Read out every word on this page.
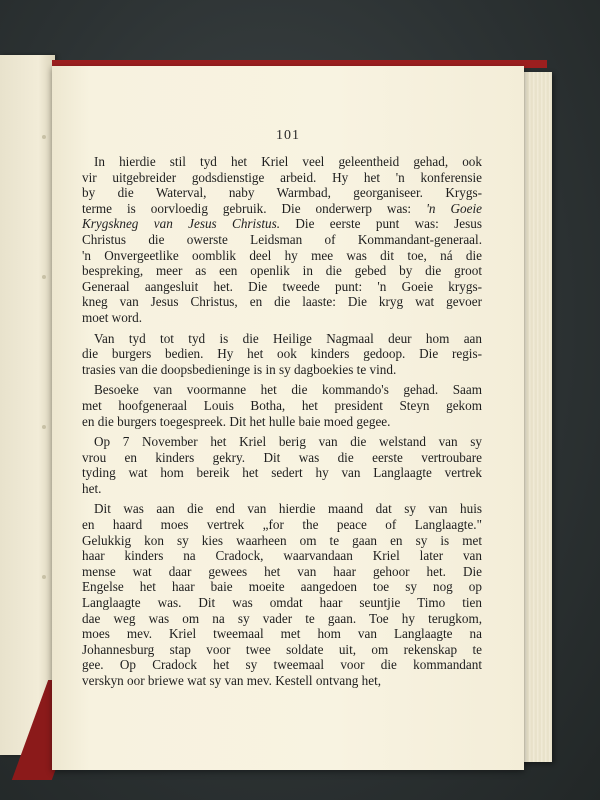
101
In hierdie stil tyd het Kriel veel geleentheid gehad, ook
vir uitgebreider godsdienstige arbeid. Hy het 'n konferensie
by die Waterval, naby Warmbad, georganiseer. Krygs-
terme is oorvloedig gebruik. Die onderwerp was: 'n Goeie
Krygskneg van Jesus Christus. Die eerste punt was: Jesus
Christus die owerste Leidsman of Kommandant-generaal.
'n Onvergeetlike oomblik deel hy mee was dit toe, ná die
bespreking, meer as een openlik in die gebed by die groot
Generaal aangesluit het. Die tweede punt: 'n Goeie krygs-
kneg van Jesus Christus, en die laaste: Die kryg wat gevoer
moet word.
Van tyd tot tyd is die Heilige Nagmaal deur hom aan
die burgers bedien. Hy het ook kinders gedoop. Die regis-
trasies van die doopsbedieninge is in sy dagboekies te vind.
Besoeke van voormanne het die kommando's gehad. Saam
met hoofgeneraal Louis Botha, het president Steyn gekom
en die burgers toegespreek. Dit het hulle baie moed gegee.
Op 7 November het Kriel berig van die welstand van sy
vrou en kinders gekry. Dit was die eerste vertroubare
tyding wat hom bereik het sedert hy van Langlaagte vertrek
het.
Dit was aan die end van hierdie maand dat sy van huis
en haard moes vertrek „for the peace of Langlaagte."
Gelukkig kon sy kies waarheen om te gaan en sy is met
haar kinders na Cradock, waarvandaan Kriel later van
mense wat daar gewees het van haar gehoor het. Die
Engelse het haar baie moeite aangedoen toe sy nog op
Langlaagte was. Dit was omdat haar seuntjie Timo tien
dae weg was om na sy vader te gaan. Toe hy terugkom,
moes mev. Kriel tweemaal met hom van Langlaagte na
Johannesburg stap voor twee soldate uit, om rekenskap te
gee. Op Cradock het sy tweemaal voor die kommandant
verskyn oor briewe wat sy van mev. Kestell ontvang het,
